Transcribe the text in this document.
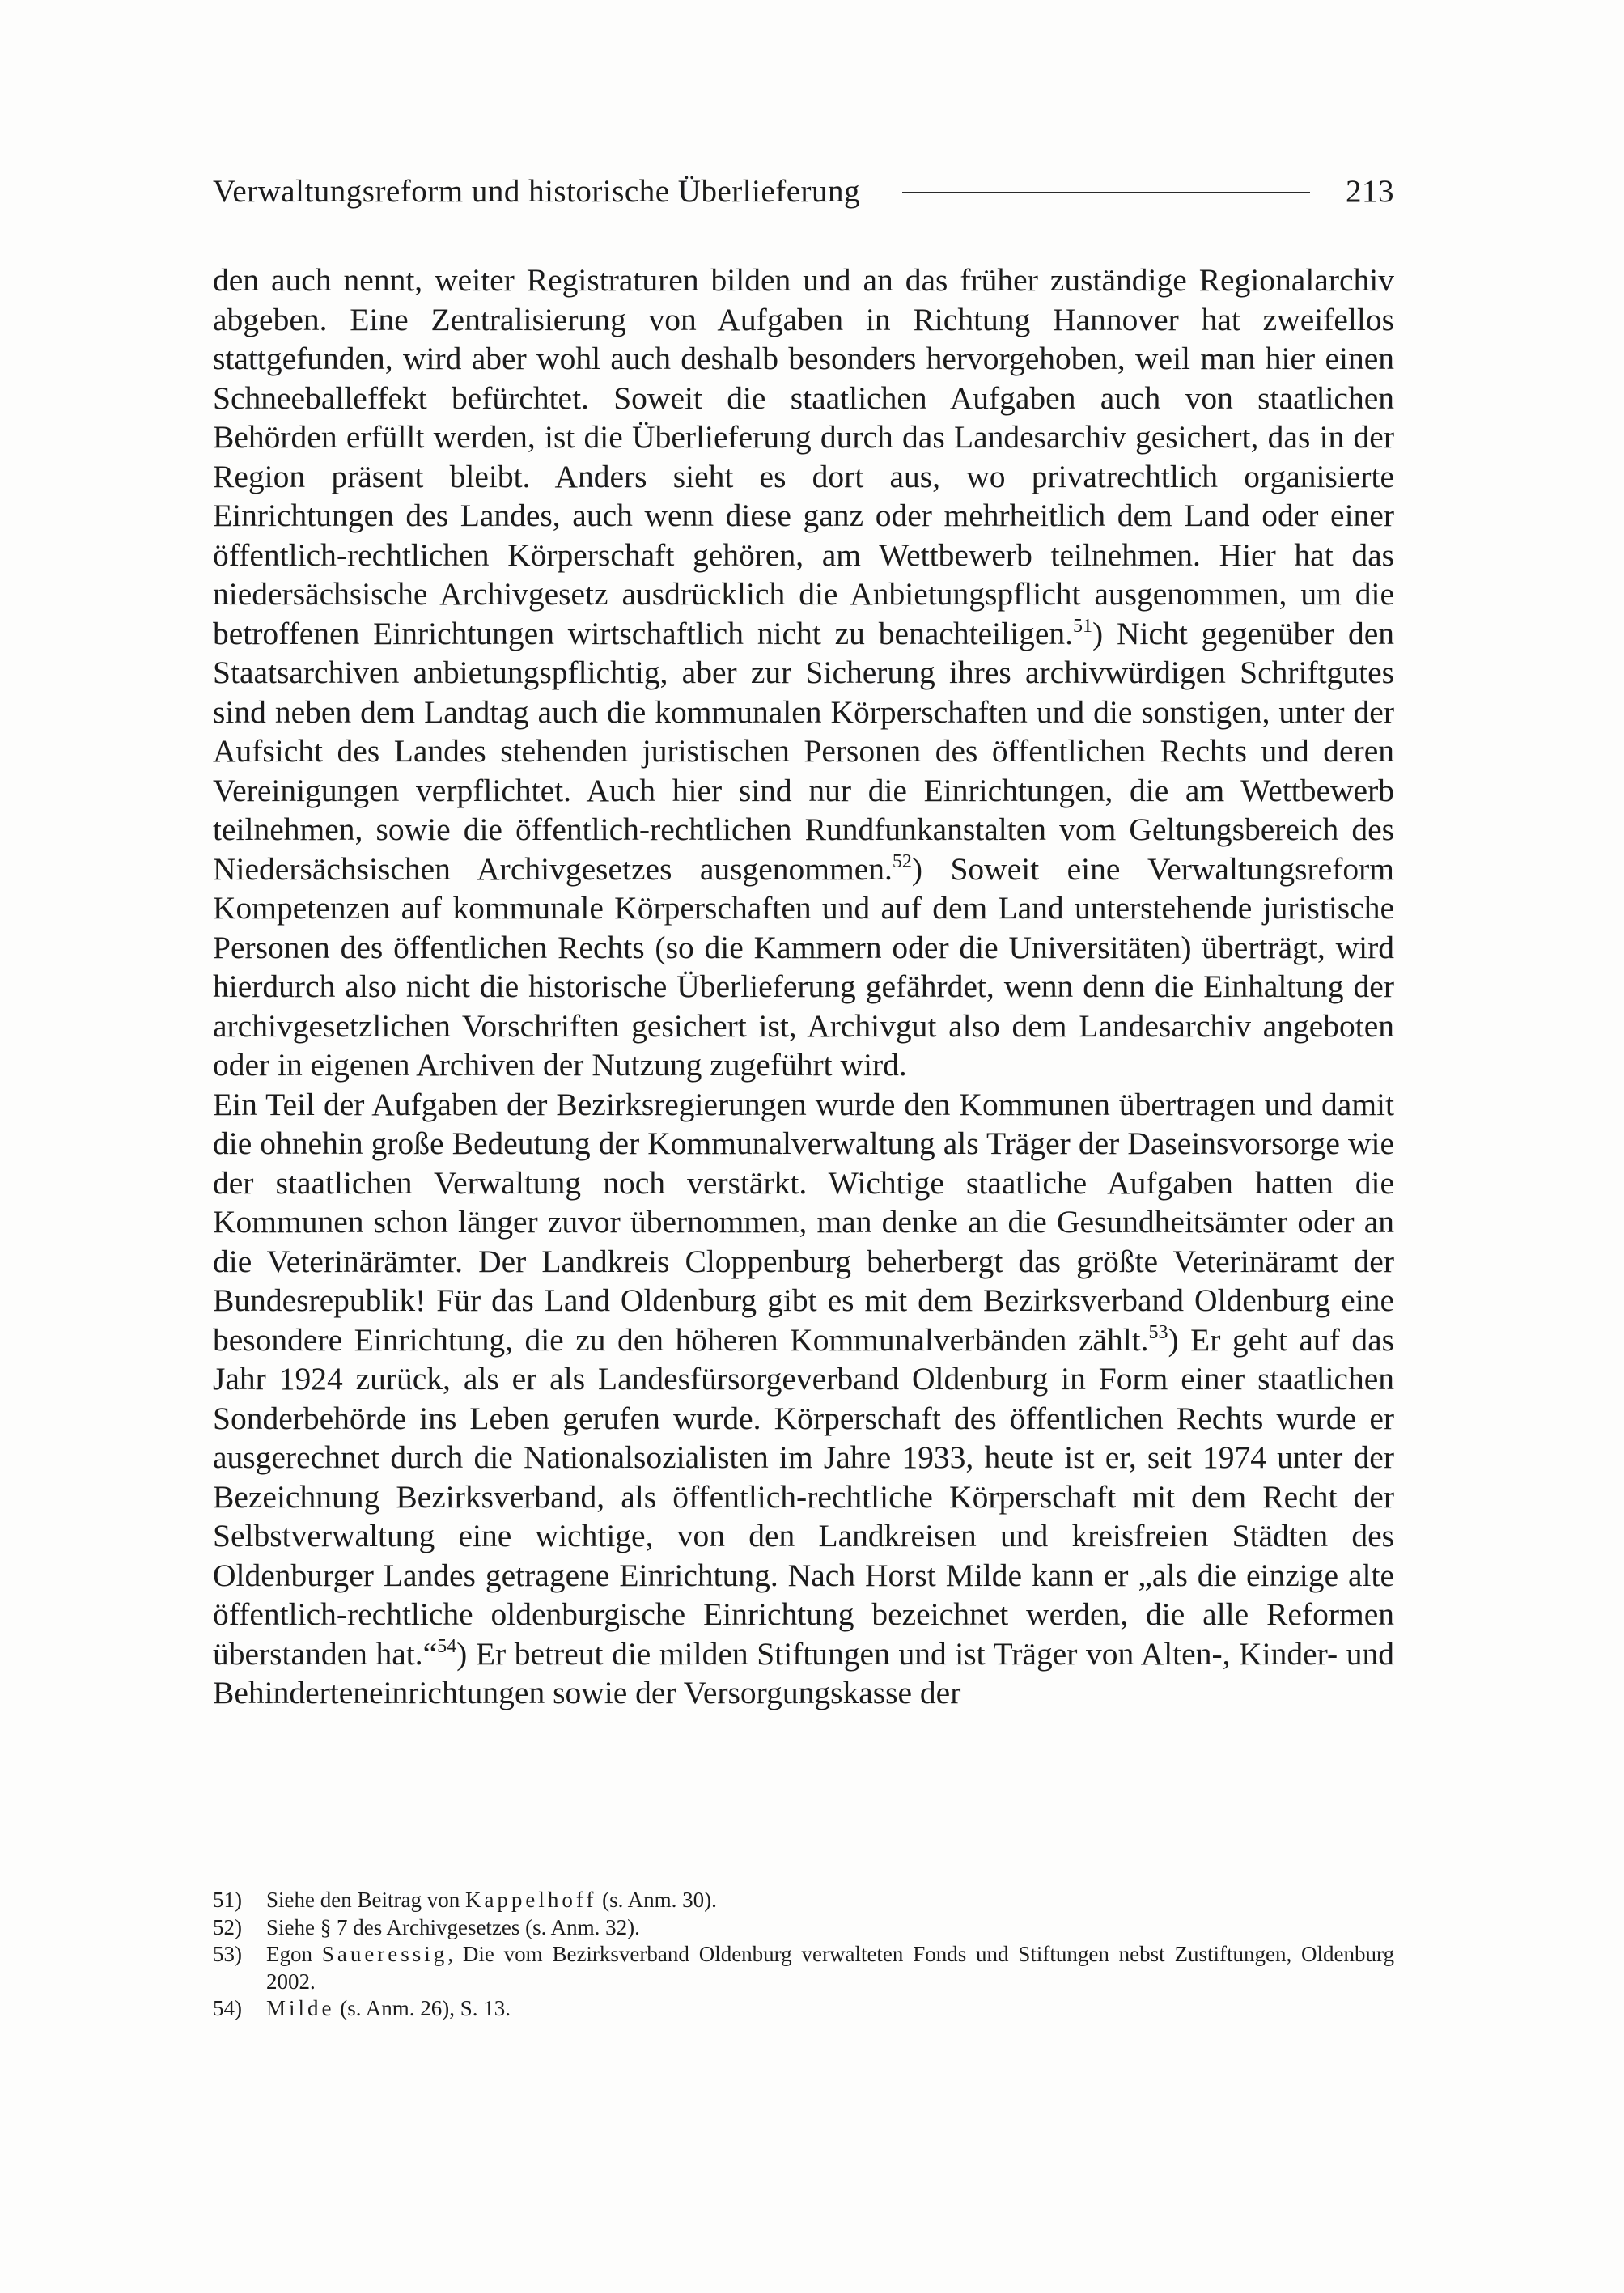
Verwaltungsreform und historische Überlieferung	213

den auch nennt, weiter Registraturen bilden und an das früher zuständige Regionalarchiv abgeben. Eine Zentralisierung von Aufgaben in Richtung Hannover hat zweifellos stattgefunden, wird aber wohl auch deshalb besonders hervorgehoben, weil man hier einen Schneeballeffekt befürchtet. Soweit die staatlichen Aufgaben auch von staatlichen Behörden erfüllt werden, ist die Überlieferung durch das Landesarchiv gesichert, das in der Region präsent bleibt. Anders sieht es dort aus, wo privatrechtlich organisierte Einrichtungen des Landes, auch wenn diese ganz oder mehrheitlich dem Land oder einer öffentlich-rechtlichen Körperschaft gehören, am Wettbewerb teilnehmen. Hier hat das niedersächsische Archivgesetz ausdrücklich die Anbietungspflicht ausgenommen, um die betroffenen Einrichtungen wirtschaftlich nicht zu benachteiligen.$^{51}$) Nicht gegenüber den Staatsarchiven anbietungspflichtig, aber zur Sicherung ihres archivwürdigen Schriftgutes sind neben dem Landtag auch die kommunalen Körperschaften und die sonstigen, unter der Aufsicht des Landes stehenden juristischen Personen des öffentlichen Rechts und deren Vereinigungen verpflichtet. Auch hier sind nur die Einrichtungen, die am Wettbewerb teilnehmen, sowie die öffentlich-rechtlichen Rundfunkanstalten vom Geltungsbereich des Niedersächsischen Archivgesetzes ausgenommen.$^{52}$) Soweit eine Verwaltungsreform Kompetenzen auf kommunale Körperschaften und auf dem Land unterstehende juristische Personen des öffentlichen Rechts (so die Kammern oder die Universitäten) überträgt, wird hierdurch also nicht die historische Überlieferung gefährdet, wenn denn die Einhaltung der archivgesetzlichen Vorschriften gesichert ist, Archivgut also dem Landesarchiv angeboten oder in eigenen Archiven der Nutzung zugeführt wird.

Ein Teil der Aufgaben der Bezirksregierungen wurde den Kommunen übertragen und damit die ohnehin große Bedeutung der Kommunalverwaltung als Träger der Daseinsvorsorge wie der staatlichen Verwaltung noch verstärkt. Wichtige staatliche Aufgaben hatten die Kommunen schon länger zuvor übernommen, man denke an die Gesundheitsämter oder an die Veterinärämter. Der Landkreis Cloppenburg beherbergt das größte Veterinäramt der Bundesrepublik! Für das Land Oldenburg gibt es mit dem Bezirksverband Oldenburg eine besondere Einrichtung, die zu den höheren Kommunalverbänden zählt.$^{53}$) Er geht auf das Jahr 1924 zurück, als er als Landesfürsorgeverband Oldenburg in Form einer staatlichen Sonderbehörde ins Leben gerufen wurde. Körperschaft des öffentlichen Rechts wurde er ausgerechnet durch die Nationalsozialisten im Jahre 1933, heute ist er, seit 1974 unter der Bezeichnung Bezirksverband, als öffentlich-rechtliche Körperschaft mit dem Recht der Selbstverwaltung eine wichtige, von den Landkreisen und kreisfreien Städten des Oldenburger Landes getragene Einrichtung. Nach Horst Milde kann er „als die einzige alte öffentlich-rechtliche oldenburgische Einrichtung bezeichnet werden, die alle Reformen überstanden hat.“$^{54}$) Er betreut die milden Stiftungen und ist Träger von Alten-, Kinder- und Behinderteneinrichtungen sowie der Versorgungskasse der

51)	Siehe den Beitrag von Kappelhoff (s. Anm. 30).
52)	Siehe § 7 des Archivgesetzes (s. Anm. 32).
53)	Egon Saueressig, Die vom Bezirksverband Oldenburg verwalteten Fonds und Stiftungen nebst Zustiftungen, Oldenburg 2002.
54)	Milde (s. Anm. 26), S. 13.
